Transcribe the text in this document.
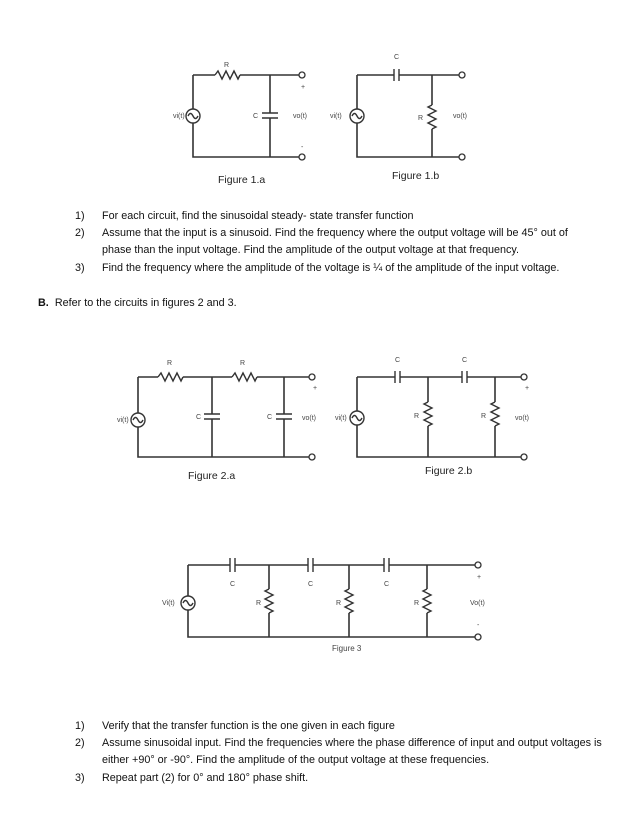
vi(t)
R
C	vo(t)
+
-
Figure 1.a
vi(t)
C
R	vo(t)
Figure 1.b
1) For each circuit, find the sinusoidal steady- state transfer function
2) Assume that the input is a sinusoid. Find the frequency where the output voltage will be 45° out of
phase than the input voltage. Find the amplitude of the output voltage at that frequency.
3) Find the frequency where the amplitude of the voltage is ¼ of the amplitude of the input voltage.
B. Refer to the circuits in figures 2 and 3.
vi(t)
R	R
C	C	vo(t)
+
Figure 2.a
vi(t)
C	C
R	R	vo(t)
+
Figure 2.b
Vi(t)
C	C	C
R	R	R	Vo(t)
+
-
Figure 3
1) Verify that the transfer function is the one given in each figure
2) Assume sinusoidal input. Find the frequencies where the phase difference of input and output voltages is
either +90° or -90°. Find the amplitude of the output voltage at these frequencies.
3) Repeat part (2) for 0° and 180° phase shift.
